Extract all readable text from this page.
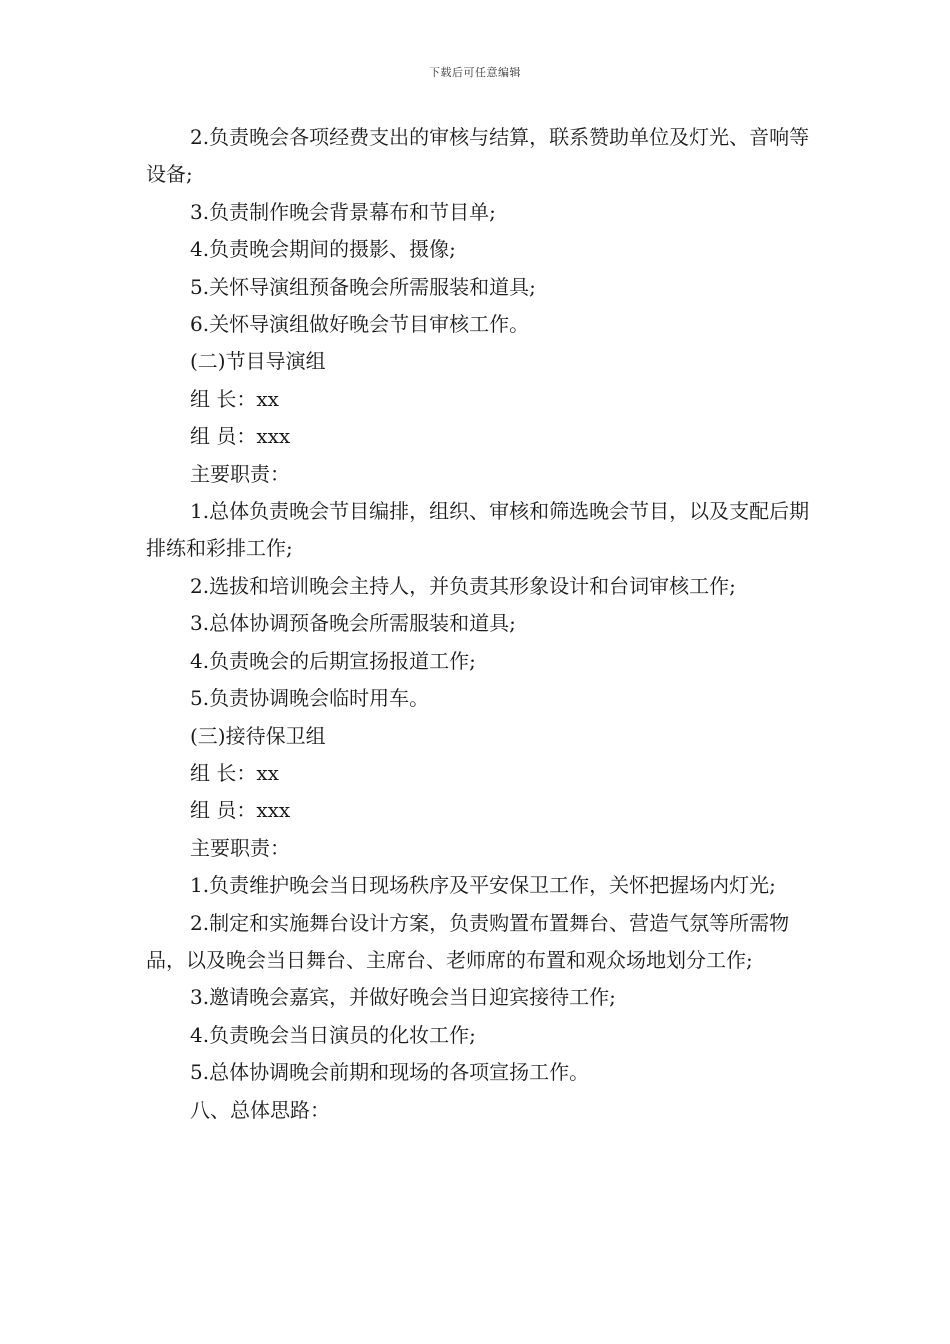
下载后可任意编辑

2.负责晚会各项经费支出的审核与结算，联系赞助单位及灯光、音响等设备;

3.负责制作晚会背景幕布和节目单;

4.负责晚会期间的摄影、摄像;

5.关怀导演组预备晚会所需服装和道具;

6.关怀导演组做好晚会节目审核工作。

(二)节目导演组

组 长：xx

组 员：xxx

主要职责：

1.总体负责晚会节目编排，组织、审核和筛选晚会节目，以及支配后期排练和彩排工作;

2.选拔和培训晚会主持人，并负责其形象设计和台词审核工作;

3.总体协调预备晚会所需服装和道具;

4.负责晚会的后期宣扬报道工作;

5.负责协调晚会临时用车。

(三)接待保卫组

组 长：xx

组 员：xxx

主要职责：

1.负责维护晚会当日现场秩序及平安保卫工作，关怀把握场内灯光;

2.制定和实施舞台设计方案，负责购置布置舞台、营造气氛等所需物品，以及晚会当日舞台、主席台、老师席的布置和观众场地划分工作;

3.邀请晚会嘉宾，并做好晚会当日迎宾接待工作;

4.负责晚会当日演员的化妆工作;

5.总体协调晚会前期和现场的各项宣扬工作。

八、总体思路：
